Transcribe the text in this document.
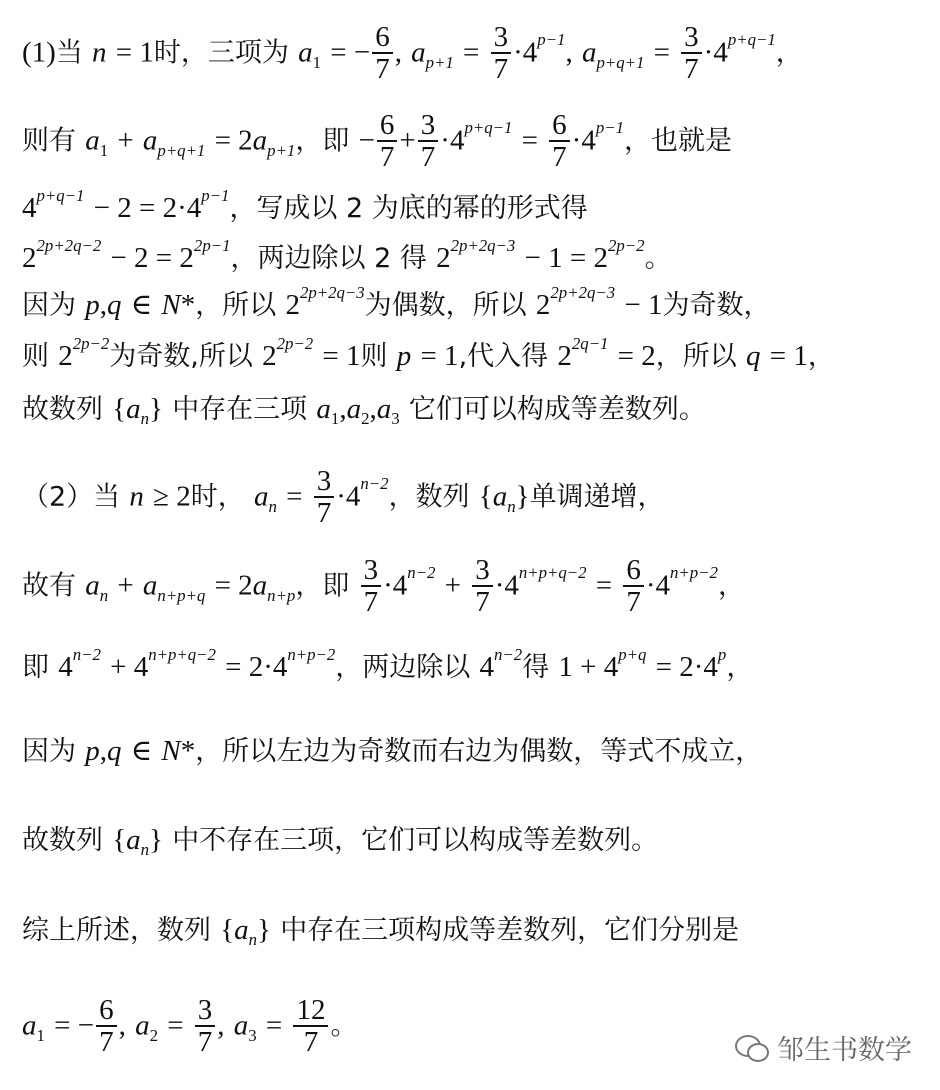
(1)当 n = 1时，三项为 $a_1$ = − $\frac{6}{7}$ , $a_{p+1} = \frac{3}{7} \cdot 4^{p-1}$, $a_{p+q+1} = \frac{3}{7} \cdot 4^{p+q-1}$，
则有 $a_1 + a_{p+q+1} = 2a_{p+1}$，即 − $\frac{6}{7} + \frac{3}{7} \cdot 4^{p+q-1} = \frac{6}{7} \cdot 4^{p-1}$，也就是
$4^{p+q-1} - 2 = 2\cdot 4^{p-1}$，写成以 2 为底的幂的形式得
$2^{2p+2q-2} - 2 = 2^{2p-1}$，两边除以 2 得 $2^{2p+2q-3} - 1 = 2^{2p-2}$。
因为 p,q ∈ N*，所以 $2^{2p+2q-3}$为偶数，所以 $2^{2p+2q-3} - 1$为奇数，
则 $2^{2p-2}$为奇数,所以 $2^{2p-2} = 1$则 p = 1,代入得 $2^{2q-1} = 2$，所以 q = 1，
故数列 $\{a_n\}$ 中存在三项 $a_1,a_2,a_3$ 它们可以构成等差数列。
（2）当 n ≥ 2时， $a_n = \frac{3}{7} \cdot 4^{n-2}$，数列 $\{a_n\}$单调递增，
故有 $a_n + a_{n+p+q} = 2a_{n+p}$，即 $\frac{3}{7} \cdot 4^{n-2} + \frac{3}{7} \cdot 4^{n+p+q-2} = \frac{6}{7} \cdot 4^{n+p-2}$，
即 $4^{n-2} + 4^{n+p+q-2} = 2\cdot 4^{n+p-2}$，两边除以 $4^{n-2}$得 $1 + 4^{p+q} = 2\cdot 4^p$，
因为 p,q ∈ N*，所以左边为奇数而右边为偶数，等式不成立，
故数列 $\{a_n\}$ 中不存在三项，它们可以构成等差数列。
综上所述，数列 $\{a_n\}$ 中存在三项构成等差数列，它们分别是
$a_1$ = − $\frac{6}{7}$ , $a_2 = \frac{3}{7}$ , $a_3 = \frac{12}{7}$ 。
邹生书数学
